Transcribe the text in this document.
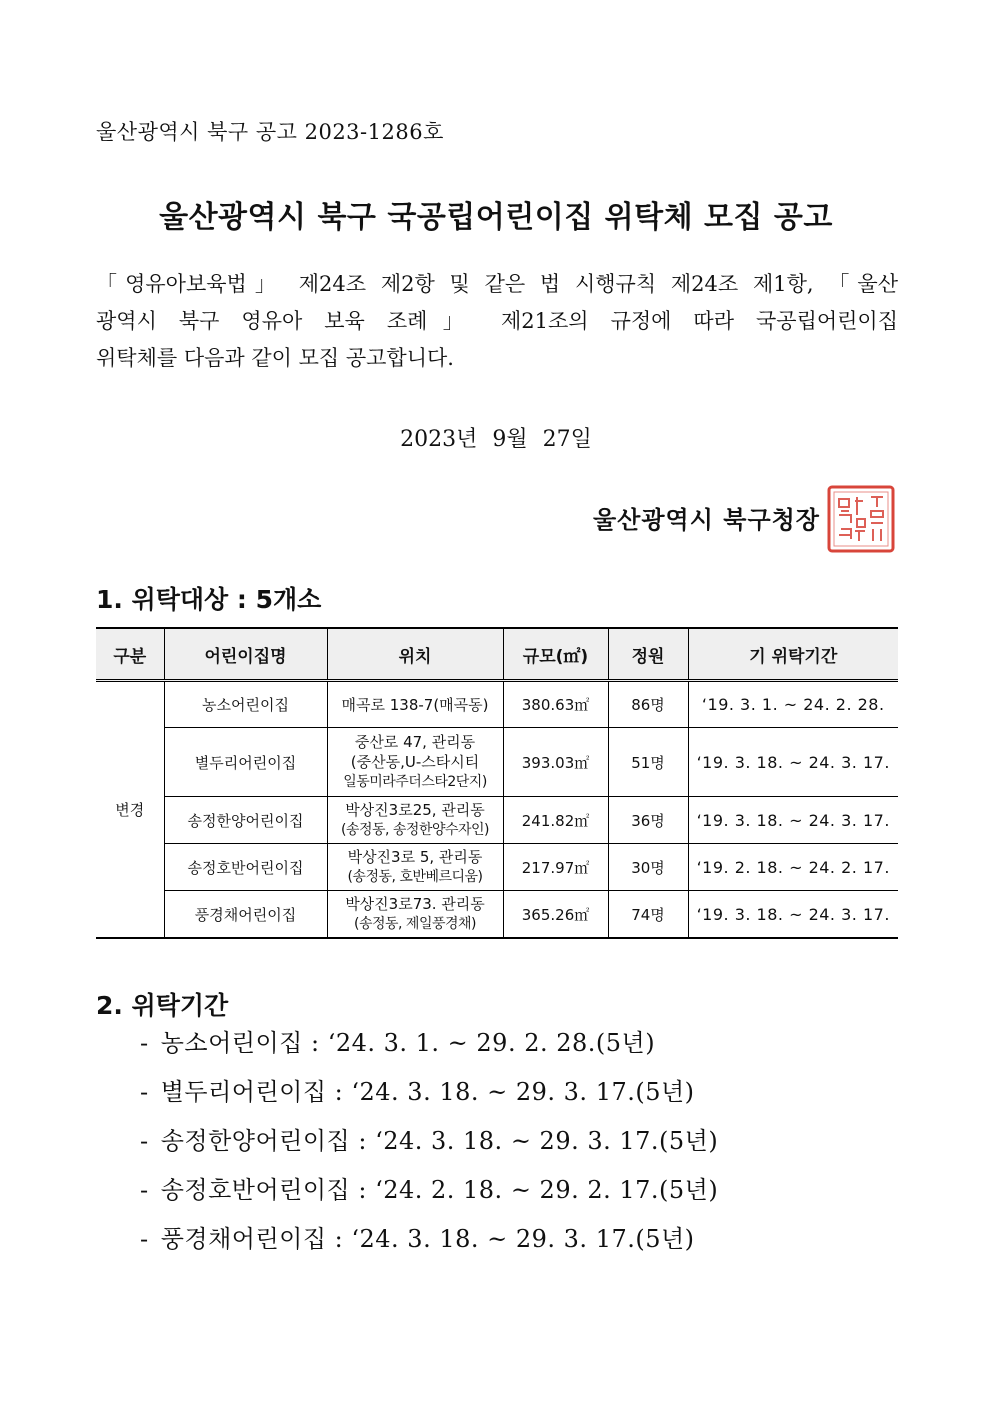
울산광역시 북구 공고 2023-1286호
울산광역시 북구 국공립어린이집 위탁체 모집 공고

「영유아보육법」 제24조 제2항 및 같은 법 시행규칙 제24조 제1항, 「울산

광역시 북구 영유아 보육 조례」 제21조의 규정에 따라 국공립어린이집

위탁체를 다음과 같이 모집 공고합니다.

2023년 9월 27일
울산광역시 북구청장
1. 위탁대상 : 5개소
구분	어린이집명	위치	규모(㎡)	정원	기 위탁기간
변경	농소어린이집	매곡로 138-7(매곡동)	380.63㎡	86명	‘19. 3. 1. ~ 24. 2. 28.
	별두리어린이집	중산로 47, 관리동
(중산동,U-스타시티
일동미라주더스타2단지)	393.03㎡	51명	‘19. 3. 18. ~ 24. 3. 17.
	송정한양어린이집	박상진3로25, 관리동
(송정동, 송정한양수자인)	241.82㎡	36명	‘19. 3. 18. ~ 24. 3. 17.
	송정호반어린이집	박상진3로 5, 관리동
(송정동, 호반베르디움)	217.97㎡	30명	‘19. 2. 18. ~ 24. 2. 17.
	풍경채어린이집	박상진3로73. 관리동
(송정동, 제일풍경채)	365.26㎡	74명	‘19. 3. 18. ~ 24. 3. 17.
2. 위탁기간
- 농소어린이집 : ‘24. 3. 1. ~ 29. 2. 28.(5년)
- 별두리어린이집 : ‘24. 3. 18. ~ 29. 3. 17.(5년)
- 송정한양어린이집 : ‘24. 3. 18. ~ 29. 3. 17.(5년)
- 송정호반어린이집 : ‘24. 2. 18. ~ 29. 2. 17.(5년)
- 풍경채어린이집 : ‘24. 3. 18. ~ 29. 3. 17.(5년)
